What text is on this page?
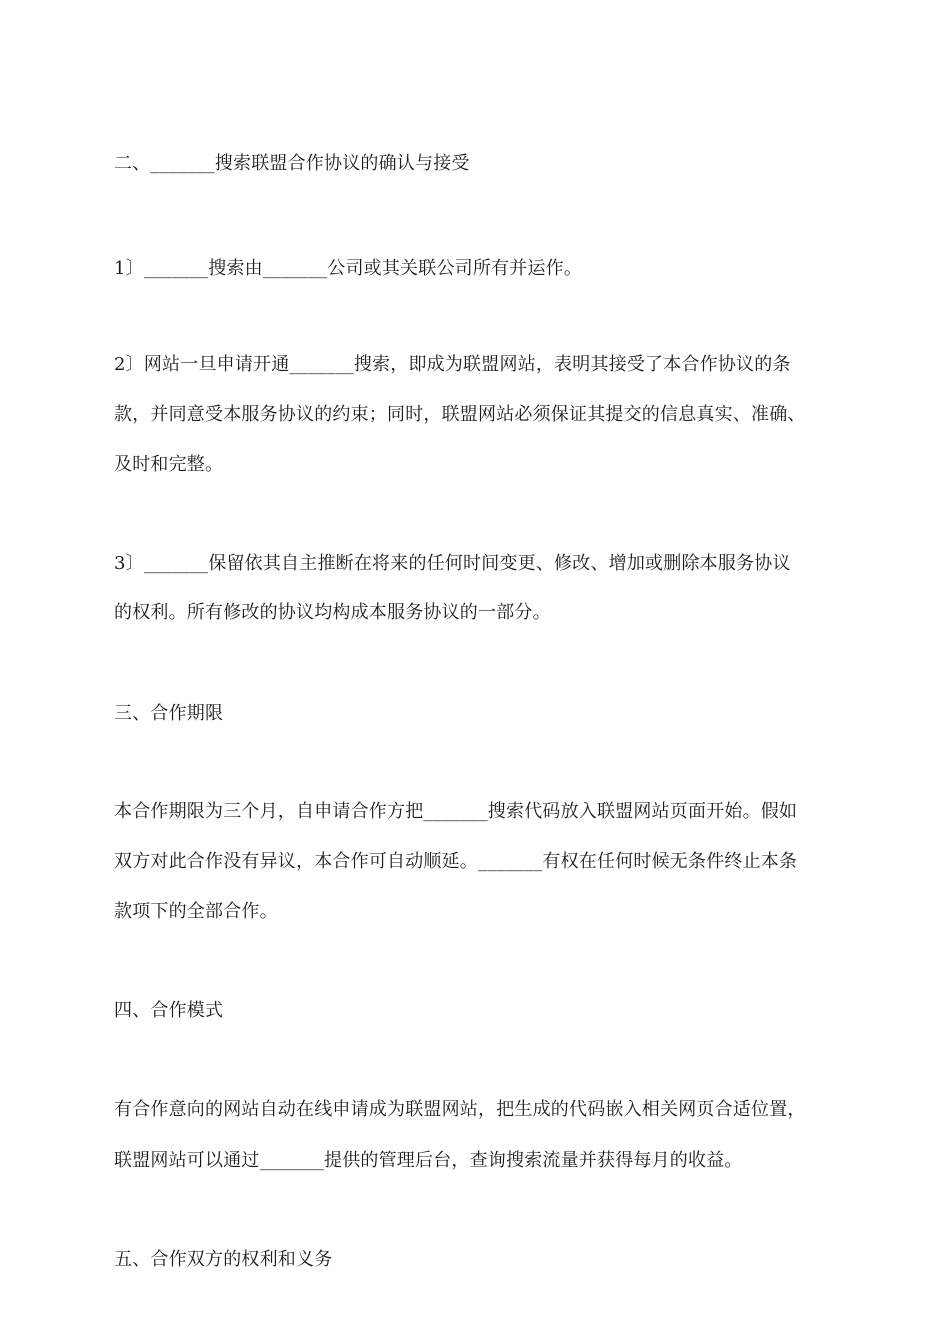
二、_______搜索联盟合作协议的确认与接受
1〕_______搜索由_______公司或其关联公司所有并运作。
2〕网站一旦申请开通_______搜索，即成为联盟网站，表明其接受了本合作协议的条
款，并同意受本服务协议的约束；同时，联盟网站必须保证其提交的信息真实、准确、
及时和完整。
3〕_______保留依其自主推断在将来的任何时间变更、修改、增加或删除本服务协议
的权利。所有修改的协议均构成本服务协议的一部分。
三、合作期限
本合作期限为三个月，自申请合作方把_______搜索代码放入联盟网站页面开始。假如
双方对此合作没有异议，本合作可自动顺延。_______有权在任何时候无条件终止本条
款项下的全部合作。
四、合作模式
有合作意向的网站自动在线申请成为联盟网站，把生成的代码嵌入相关网页合适位置，
联盟网站可以通过_______提供的管理后台，查询搜索流量并获得每月的收益。
五、合作双方的权利和义务
